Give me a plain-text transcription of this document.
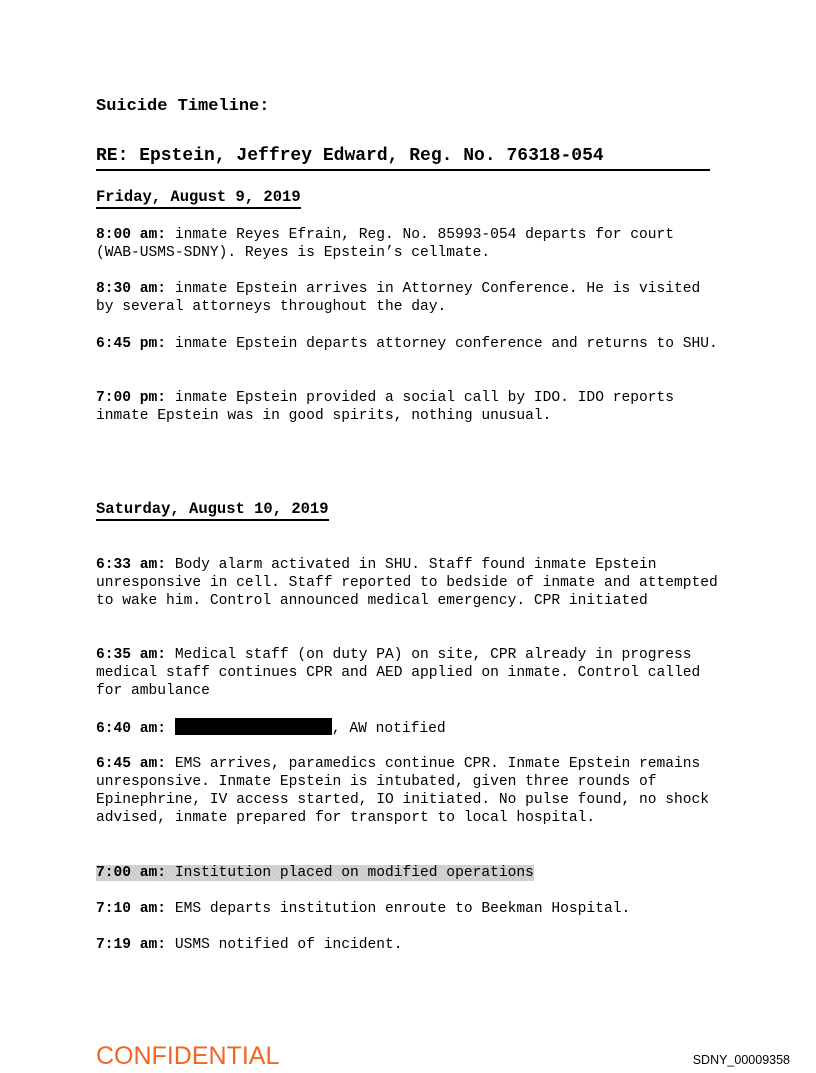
Suicide Timeline:

RE: Epstein, Jeffrey Edward, Reg. No. 76318-054

Friday, August 9, 2019

8:00 am: inmate Reyes Efrain, Reg. No. 85993-054 departs for court (WAB-USMS-SDNY). Reyes is Epstein’s cellmate.

8:30 am: inmate Epstein arrives in Attorney Conference. He is visited by several attorneys throughout the day.

6:45 pm: inmate Epstein departs attorney conference and returns to SHU.

7:00 pm: inmate Epstein provided a social call by IDO. IDO reports inmate Epstein was in good spirits, nothing unusual.

Saturday, August 10, 2019

6:33 am: Body alarm activated in SHU. Staff found inmate Epstein unresponsive in cell. Staff reported to bedside of inmate and attempted to wake him. Control announced medical emergency. CPR initiated

6:35 am: Medical staff (on duty PA) on site, CPR already in progress medical staff continues CPR and AED applied on inmate. Control called for ambulance

6:40 am:	, AW notified

6:45 am: EMS arrives, paramedics continue CPR. Inmate Epstein remains unresponsive. Inmate Epstein is intubated, given three rounds of Epinephrine, IV access started, IO initiated. No pulse found, no shock advised, inmate prepared for transport to local hospital.

7:00 am: Institution placed on modified operations

7:10 am: EMS departs institution enroute to Beekman Hospital.

7:19 am: USMS notified of incident.

CONFIDENTIAL	SDNY_00009358
